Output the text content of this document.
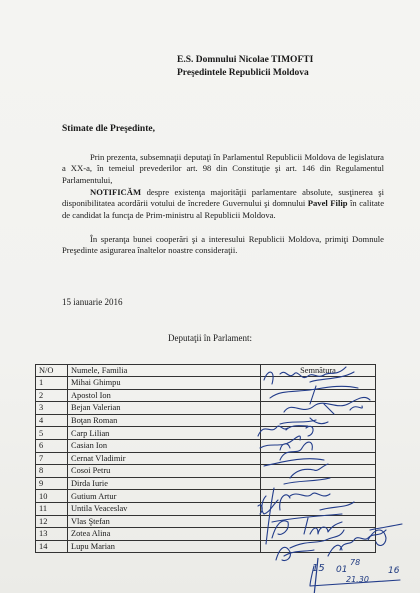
E.S. Domnului Nicolae TIMOFTI
Preşedintele Republicii Moldova
Stimate dle Preşedinte,
Prin prezenta, subsemnaţii deputaţi în Parlamentul Republicii Moldova de legislatura a XX-a, în temeiul prevederilor art. 98 din Constituţie şi art. 146 din Regulamentul Parlamentului,
NOTIFICĂM despre existenţa majorităţii parlamentare absolute, susţinerea şi disponibilitatea acordării votului de încredere Guvernului şi domnului Pavel Filip în calitate de candidat la funcţa de Prim-ministru al Republicii Moldova.
În speranţa bunei cooperări şi a interesului Republicii Moldova, primiţi Domnule Preşedinte asigurarea înaltelor noastre consideraţii.
15 ianuarie 2016
Deputaţii în Parlament:
N/O	Numele, Familia	Semnătura
1	Mihai Ghimpu	
2	Apostol Ion	
3	Bejan Valerian	
4	Boţan Roman	
5	Carp Lilian	
6	Casian Ion	
7	Cernat Vladimir	
8	Cosoi Petru	
9	Dirda Iurie	
10	Gutium Artur	
11	Untila Veaceslav	
12	Vlas Ştefan	
13	Zotea Alina	
14	Lupu Marian	
15 01
78
21.30
16
